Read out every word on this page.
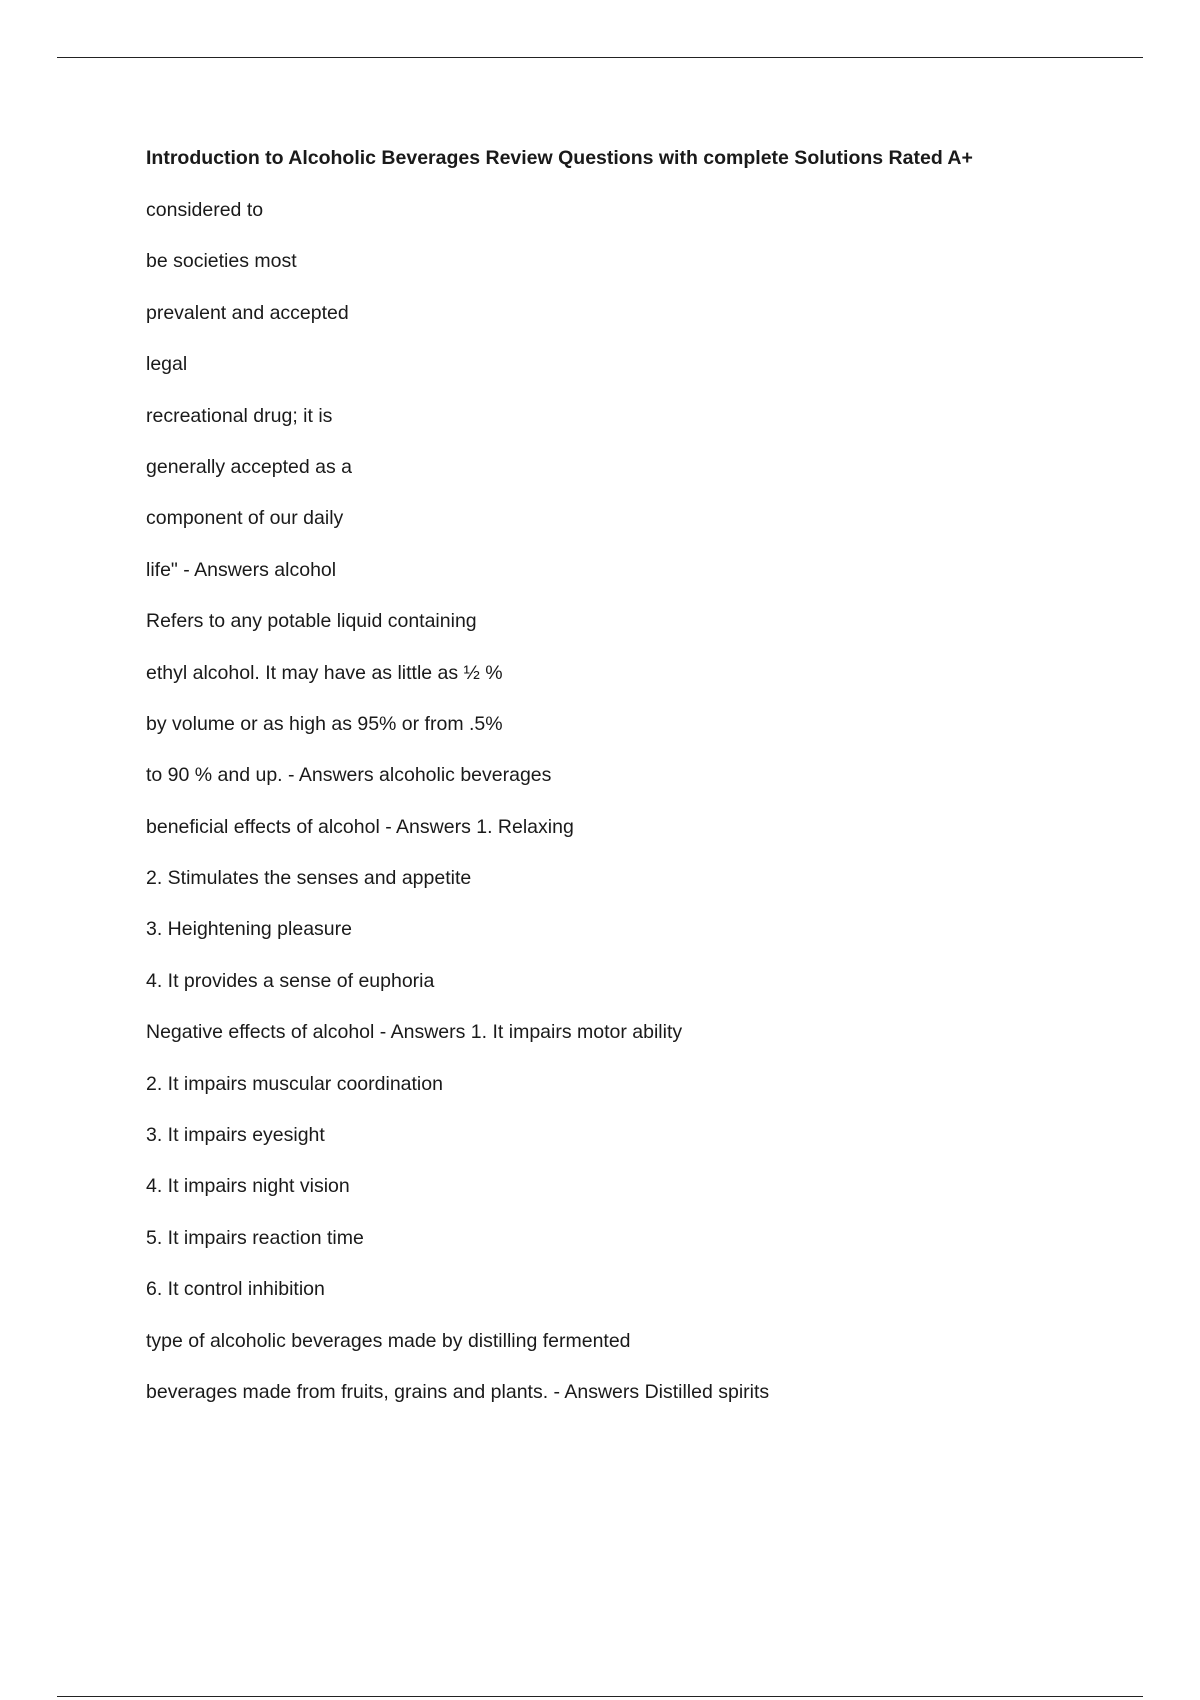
Introduction to Alcoholic Beverages Review Questions with complete Solutions Rated A+
considered to
be societies most
prevalent and accepted
legal
recreational drug; it is
generally accepted as a
component of our daily
life" - Answers alcohol
Refers to any potable liquid containing
ethyl alcohol. It may have as little as ½ %
by volume or as high as 95% or from .5%
to 90 % and up. - Answers alcoholic beverages
beneficial effects of alcohol - Answers 1. Relaxing
2. Stimulates the senses and appetite
3. Heightening pleasure
4. It provides a sense of euphoria
Negative effects of alcohol - Answers 1. It impairs motor ability
2. It impairs muscular coordination
3. It impairs eyesight
4. It impairs night vision
5. It impairs reaction time
6. It control inhibition
type of alcoholic beverages made by distilling fermented
beverages made from fruits, grains and plants. - Answers Distilled spirits
